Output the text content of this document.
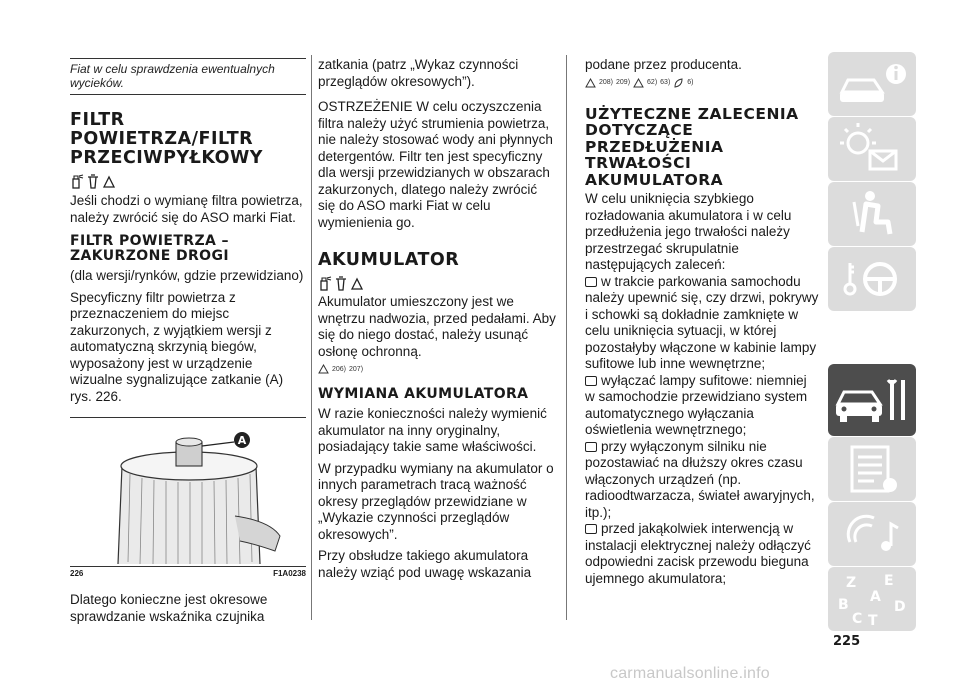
Fiat w celu sprawdzenia ewentualnych wycieków.
FILTR POWIETRZA/FILTR PRZECIWPYŁKOWY

Jeśli chodzi o wymianę filtra powietrza, należy zwrócić się do ASO marki Fiat.

FILTR POWIETRZA – ZAKURZONE DROGI

(dla wersji/rynków, gdzie przewidziano)

Specyficzny filtr powietrza z przeznaczeniem do miejsc zakurzonych, z wyjątkiem wersji z automatyczną skrzynią biegów, wyposażony jest w urządzenie wizualne sygnalizujące zatkanie (A) rys. 226.

A
226	F1A0238

Dlatego konieczne jest okresowe sprawdzanie wskaźnika czujnika

zatkania (patrz „Wykaz czynności przeglądów okresowych”).

OSTRZEŻENIE W celu oczyszczenia filtra należy użyć strumienia powietrza, nie należy stosować wody ani płynnych detergentów. Filtr ten jest specyficzny dla wersji przewidzianych w obszarach zakurzonych, dlatego należy zwrócić się do ASO marki Fiat w celu wymienienia go.

AKUMULATOR

Akumulator umieszczony jest we wnętrzu nadwozia, przed pedałami. Aby się do niego dostać, należy usunąć osłonę ochronną.

206) 207)
WYMIANA AKUMULATORA

W razie konieczności należy wymienić akumulator na inny oryginalny, posiadający takie same właściwości.

W przypadku wymiany na akumulator o innych parametrach tracą ważność okresy przeglądów przewidziane w „Wykazie czynności przeglądów okresowych”.

Przy obsłudze takiego akumulatora należy wziąć pod uwagę wskazania

podane przez producenta.

208) 209) 62) 63) 6)
UŻYTECZNE ZALECENIA DOTYCZĄCE PRZEDŁUŻENIA TRWAŁOŚCI AKUMULATORA

W celu uniknięcia szybkiego rozładowania akumulatora i w celu przedłużenia jego trwałości należy przestrzegać skrupulatnie następujących zaleceń:

w trakcie parkowania samochodu należy upewnić się, czy drzwi, pokrywy i schowki są dokładnie zamknięte w celu uniknięcia sytuacji, w której pozostałyby włączone w kabinie lampy sufitowe lub inne wewnętrzne;

wyłączać lampy sufitowe: niemniej w samochodzie przewidziano system automatycznego wyłączania oświetlenia wewnętrznego;

przy wyłączonym silniku nie pozostawiać na dłuższy okres czasu włączonych urządzeń (np. radioodtwarzacza, świateł awaryjnych, itp.);

przed jakąkolwiek interwencją w instalacji elektrycznej należy odłączyć odpowiedni zacisk przewodu bieguna ujemnego akumulatora;	Z E
A
B
C T
D
225
carmanualsonline.info
